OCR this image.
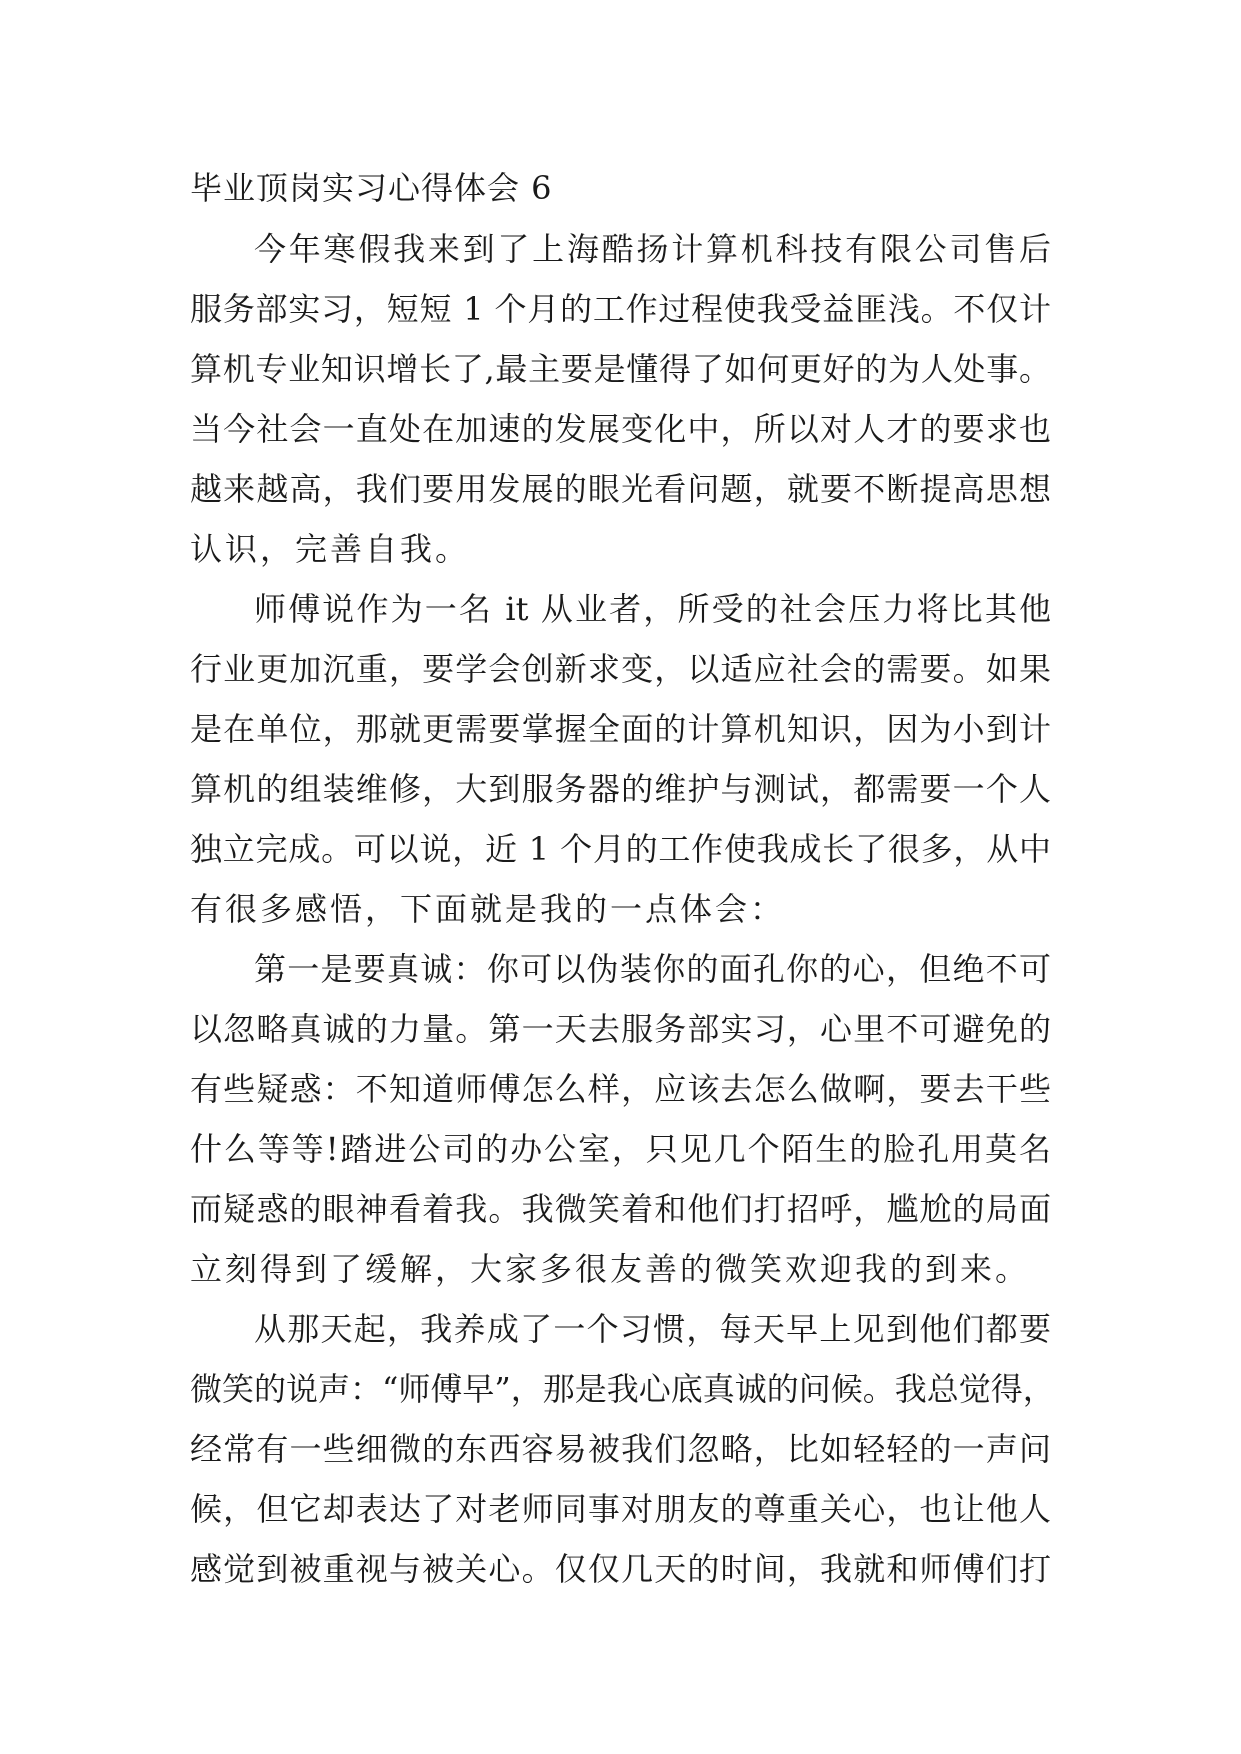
毕业顶岗实习心得体会 6
今年寒假我来到了上海酷扬计算机科技有限公司售后
服务部实习，短短 1 个月的工作过程使我受益匪浅。不仅计
算机专业知识增长了,最主要是懂得了如何更好的为人处事。
当今社会一直处在加速的发展变化中，所以对人才的要求也
越来越高，我们要用发展的眼光看问题，就要不断提高思想
认识，完善自我。
师傅说作为一名 it 从业者，所受的社会压力将比其他
行业更加沉重，要学会创新求变，以适应社会的需要。如果
是在单位，那就更需要掌握全面的计算机知识，因为小到计
算机的组装维修，大到服务器的维护与测试，都需要一个人
独立完成。可以说，近 1 个月的工作使我成长了很多，从中
有很多感悟，下面就是我的一点体会：
第一是要真诚：你可以伪装你的面孔你的心，但绝不可
以忽略真诚的力量。第一天去服务部实习，心里不可避免的
有些疑惑：不知道师傅怎么样，应该去怎么做啊，要去干些
什么等等!踏进公司的办公室，只见几个陌生的脸孔用莫名
而疑惑的眼神看着我。我微笑着和他们打招呼，尴尬的局面
立刻得到了缓解，大家多很友善的微笑欢迎我的到来。
从那天起，我养成了一个习惯，每天早上见到他们都要
微笑的说声：“师傅早”，那是我心底真诚的问候。我总觉得，
经常有一些细微的东西容易被我们忽略，比如轻轻的一声问
候，但它却表达了对老师同事对朋友的尊重关心，也让他人
感觉到被重视与被关心。仅仅几天的时间，我就和师傅们打
